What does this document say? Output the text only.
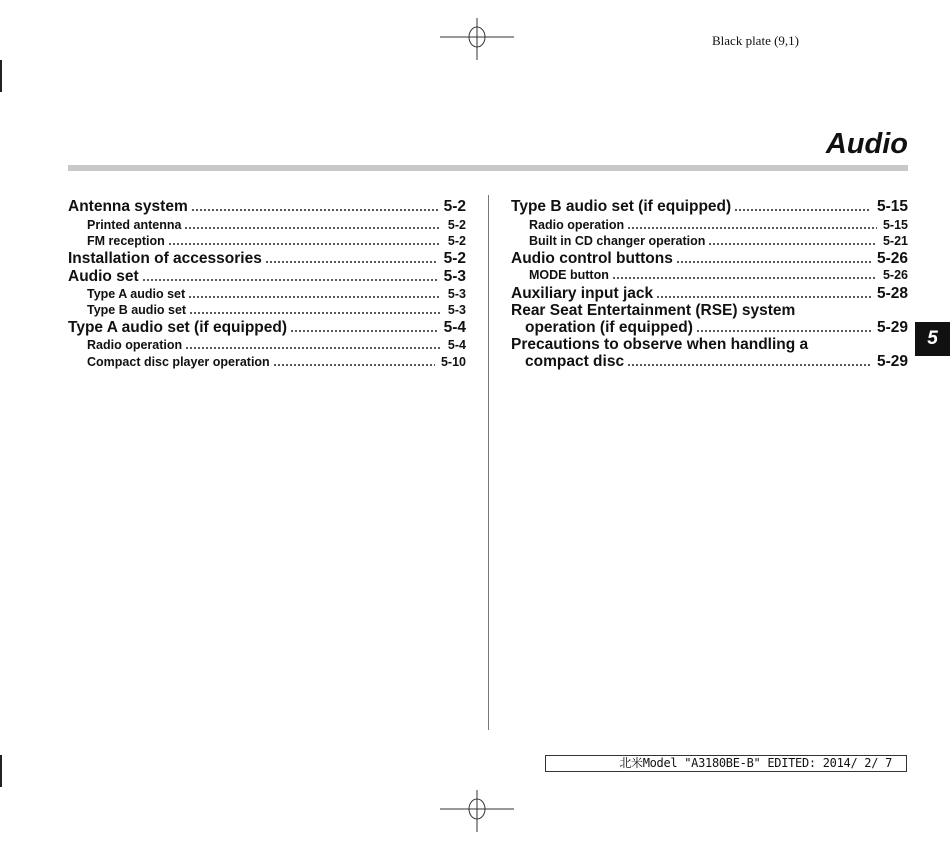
Black plate (9,1)
Audio
Antenna system	5-2
Printed antenna	5-2
FM reception	5-2
Installation of accessories	5-2
Audio set	5-3
Type A audio set	5-3
Type B audio set	5-3
Type A audio set (if equipped)	5-4
Radio operation	5-4
Compact disc player operation	5-10
Type B audio set (if equipped)	5-15
Radio operation	5-15
Built in CD changer operation	5-21
Audio control buttons	5-26
MODE button	5-26
Auxiliary input jack	5-28
Rear Seat Entertainment (RSE) system
operation (if equipped)	5-29
Precautions to observe when handling a
compact disc	5-29
5
北米Model "A3180BE-B" EDITED: 2014/ 2/ 7
